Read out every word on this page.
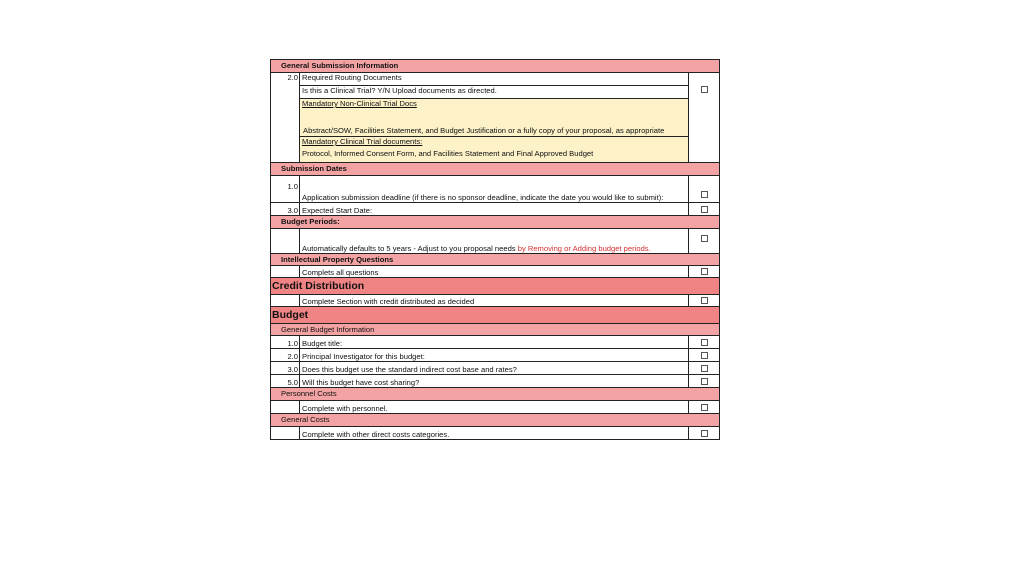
General Submission Information
2.0 Required Routing Documents
Is this a Clinical Trial? Y/N Upload documents as directed.
Mandatory Non-Clinical Trial Docs
Abstract/SOW, Facilities Statement, and Budget Justification or a fully copy of your proposal, as appropriate
Mandatory Clinical Trial documents:
Protocol, Informed Consent Form, and Facilities Statement and Final Approved Budget
Submission Dates
1.0
Application submission deadline (if there is no sponsor deadline, indicate the date you would like to submit):
3.0 Expected Start Date:
Budget Periods:
Automatically defaults to 5 years - Adjust to you proposal needs
by Removing or Adding budget periods.
Intellectual Property Questions
Complets all questions
Credit Distribution
Complete Section with credit distributed as decided
Budget
General Budget Information
1.0 Budget title:
2.0 Principal Investigator for this budget:
3.0 Does this budget use the standard indirect cost base and rates?
5.0 Will this budget have cost sharing?
Personnel Costs
Complete with personnel.
General Costs
Complete with other direct costs categories.
